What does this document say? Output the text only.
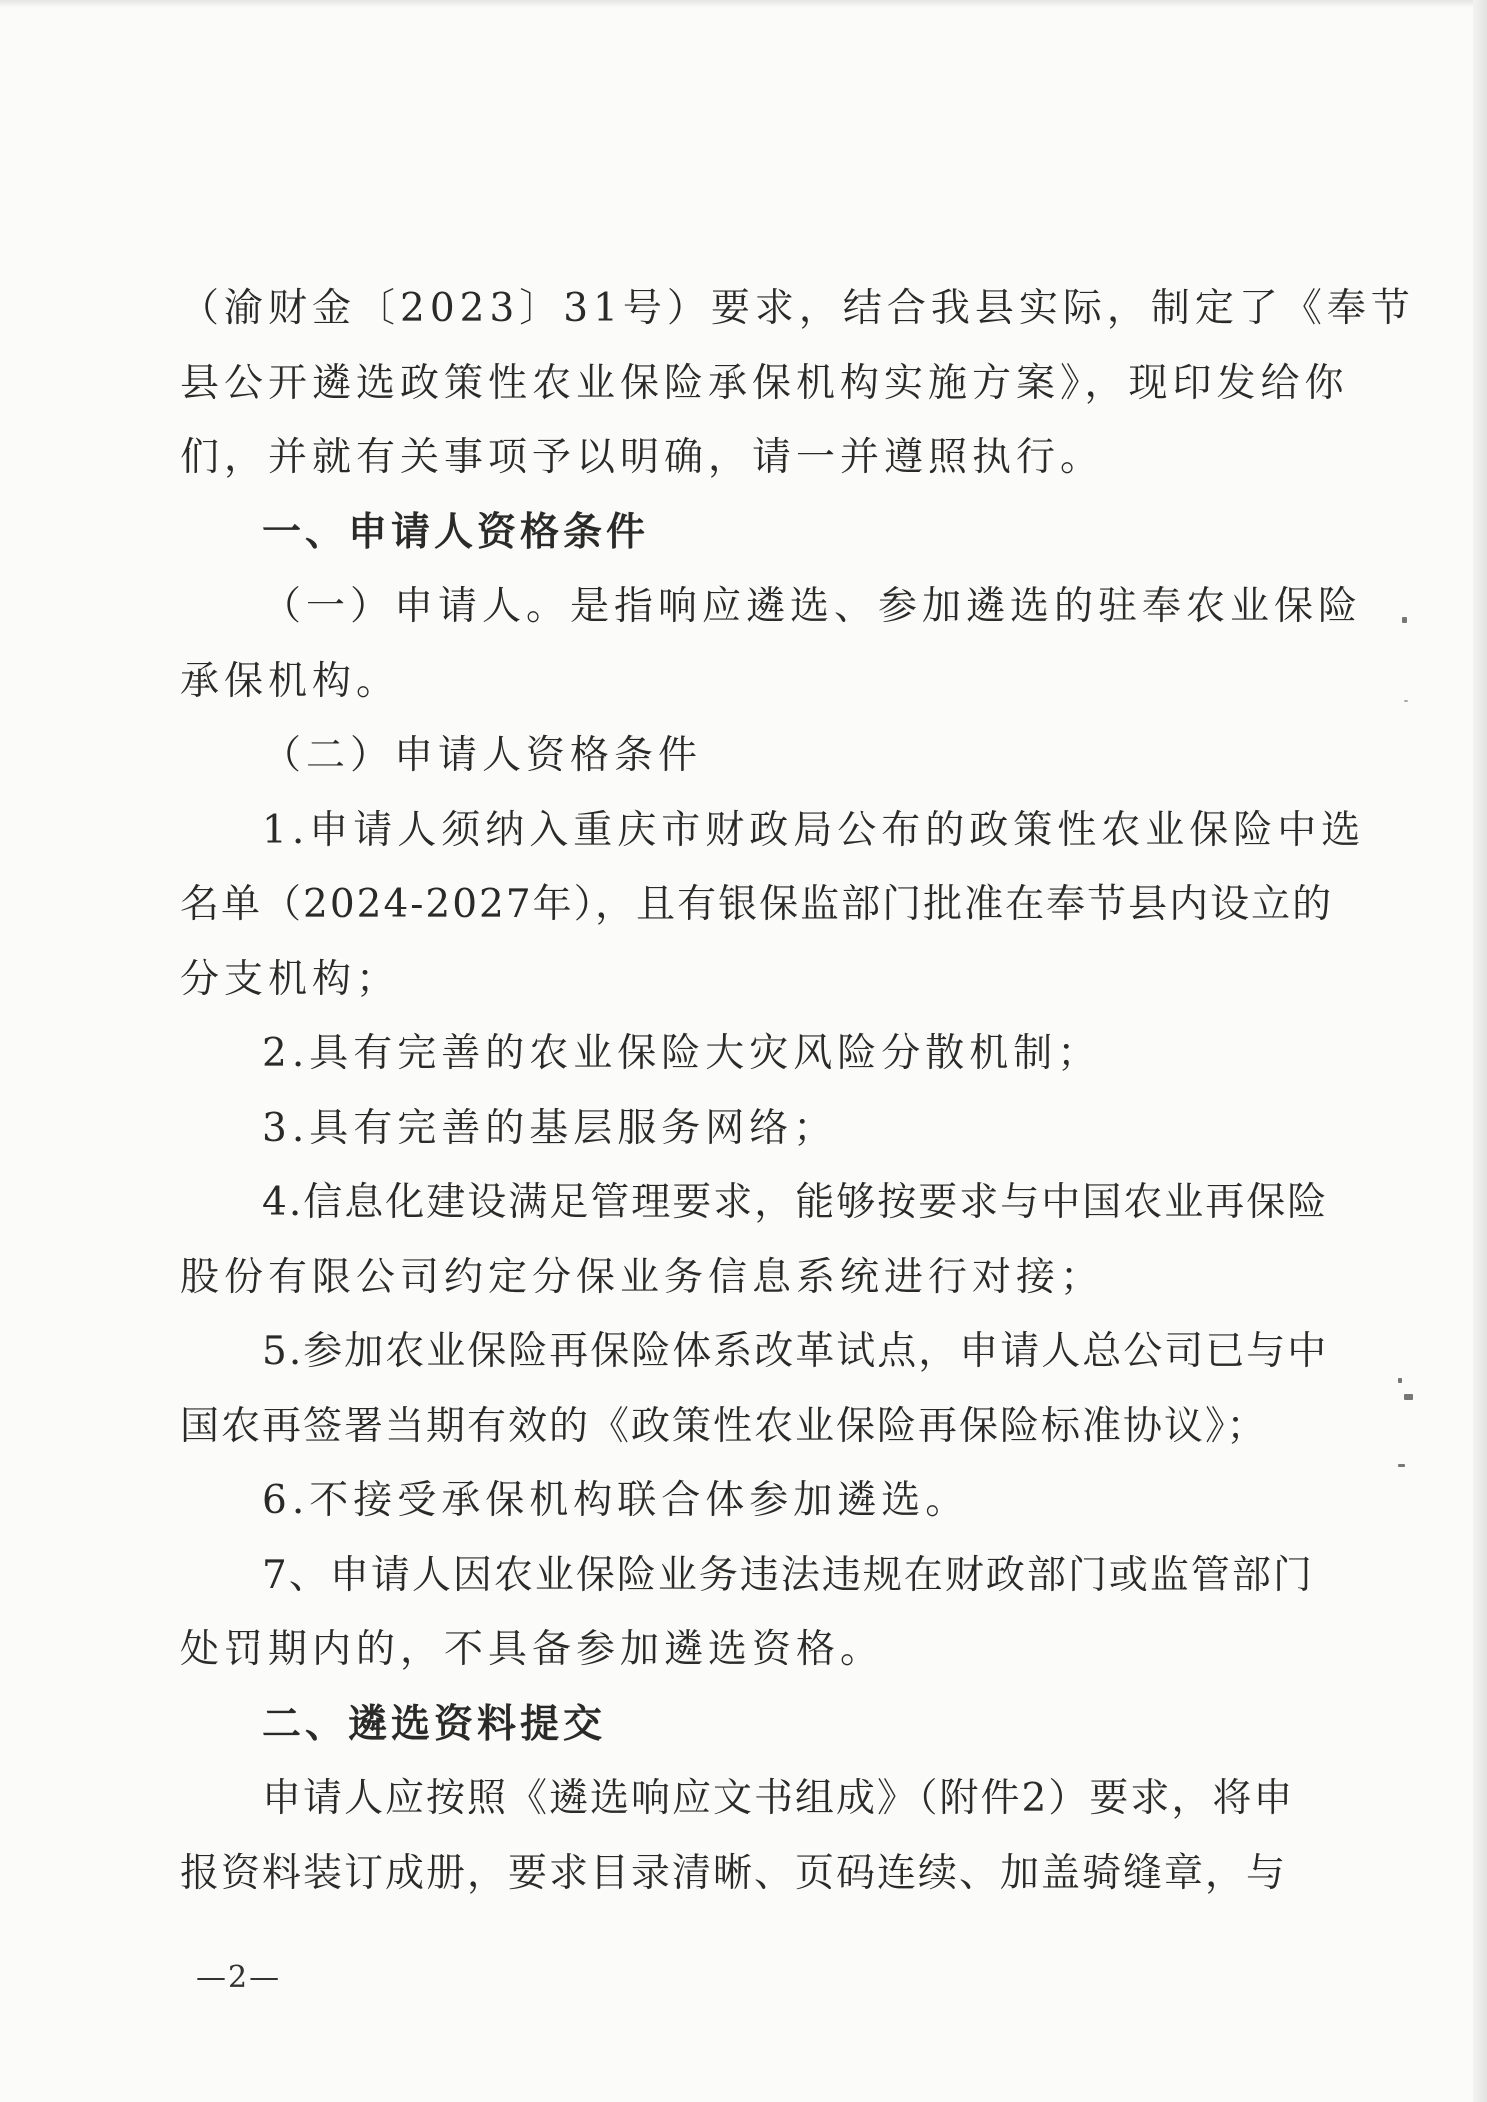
（渝财金〔2023〕31号）要求，结合我县实际，制定了《奉节
县公开遴选政策性农业保险承保机构实施方案》，现印发给你
们，并就有关事项予以明确，请一并遵照执行。
一、申请人资格条件
（一）申请人。是指响应遴选、参加遴选的驻奉农业保险
承保机构。
（二）申请人资格条件
1.申请人须纳入重庆市财政局公布的政策性农业保险中选
名单（2024-2027年），且有银保监部门批准在奉节县内设立的
分支机构；
2.具有完善的农业保险大灾风险分散机制；
3.具有完善的基层服务网络；
4.信息化建设满足管理要求，能够按要求与中国农业再保险
股份有限公司约定分保业务信息系统进行对接；
5.参加农业保险再保险体系改革试点，申请人总公司已与中
国农再签署当期有效的《政策性农业保险再保险标准协议》；
6.不接受承保机构联合体参加遴选。
7、申请人因农业保险业务违法违规在财政部门或监管部门
处罚期内的，不具备参加遴选资格。
二、遴选资料提交
申请人应按照《遴选响应文书组成》（附件2）要求，将申
报资料装订成册，要求目录清晰、页码连续、加盖骑缝章，与
—2—
